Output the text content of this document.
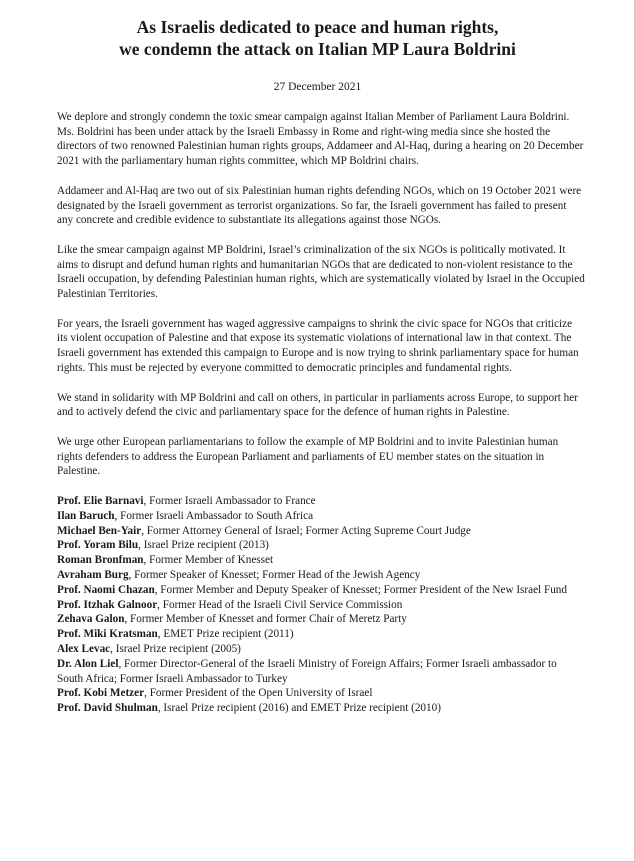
As Israelis dedicated to peace and human rights,
we condemn the attack on Italian MP Laura Boldrini
27 December 2021

We deplore and strongly condemn the toxic smear campaign against Italian Member of Parliament Laura Boldrini. Ms. Boldrini has been under attack by the Israeli Embassy in Rome and right-wing media since she hosted the directors of two renowned Palestinian human rights groups, Addameer and Al-Haq, during a hearing on 20 December 2021 with the parliamentary human rights committee, which MP Boldrini chairs.

Addameer and Al-Haq are two out of six Palestinian human rights defending NGOs, which on 19 October 2021 were designated by the Israeli government as terrorist organizations. So far, the Israeli government has failed to present any concrete and credible evidence to substantiate its allegations against those NGOs.

Like the smear campaign against MP Boldrini, Israel’s criminalization of the six NGOs is politically motivated. It aims to disrupt and defund human rights and humanitarian NGOs that are dedicated to non-violent resistance to the Israeli occupation, by defending Palestinian human rights, which are systematically violated by Israel in the Occupied Palestinian Territories.

For years, the Israeli government has waged aggressive campaigns to shrink the civic space for NGOs that criticize its violent occupation of Palestine and that expose its systematic violations of international law in that context. The Israeli government has extended this campaign to Europe and is now trying to shrink parliamentary space for human rights. This must be rejected by everyone committed to democratic principles and fundamental rights.

We stand in solidarity with MP Boldrini and call on others, in particular in parliaments across Europe, to support her and to actively defend the civic and parliamentary space for the defence of human rights in Palestine.

We urge other European parliamentarians to follow the example of MP Boldrini and to invite Palestinian human rights defenders to address the European Parliament and parliaments of EU member states on the situation in Palestine.

Prof. Elie Barnavi, Former Israeli Ambassador to France
Ilan Baruch, Former Israeli Ambassador to South Africa
Michael Ben-Yair, Former Attorney General of Israel; Former Acting Supreme Court Judge
Prof. Yoram Bilu, Israel Prize recipient (2013)
Roman Bronfman, Former Member of Knesset
Avraham Burg, Former Speaker of Knesset; Former Head of the Jewish Agency
Prof. Naomi Chazan, Former Member and Deputy Speaker of Knesset; Former President of the New Israel Fund
Prof. Itzhak Galnoor, Former Head of the Israeli Civil Service Commission
Zehava Galon, Former Member of Knesset and former Chair of Meretz Party
Prof. Miki Kratsman, EMET Prize recipient (2011)
Alex Levac, Israel Prize recipient (2005)
Dr. Alon Liel, Former Director-General of the Israeli Ministry of Foreign Affairs; Former Israeli ambassador to South Africa; Former Israeli Ambassador to Turkey
Prof. Kobi Metzer, Former President of the Open University of Israel
Prof. David Shulman, Israel Prize recipient (2016) and EMET Prize recipient (2010)
